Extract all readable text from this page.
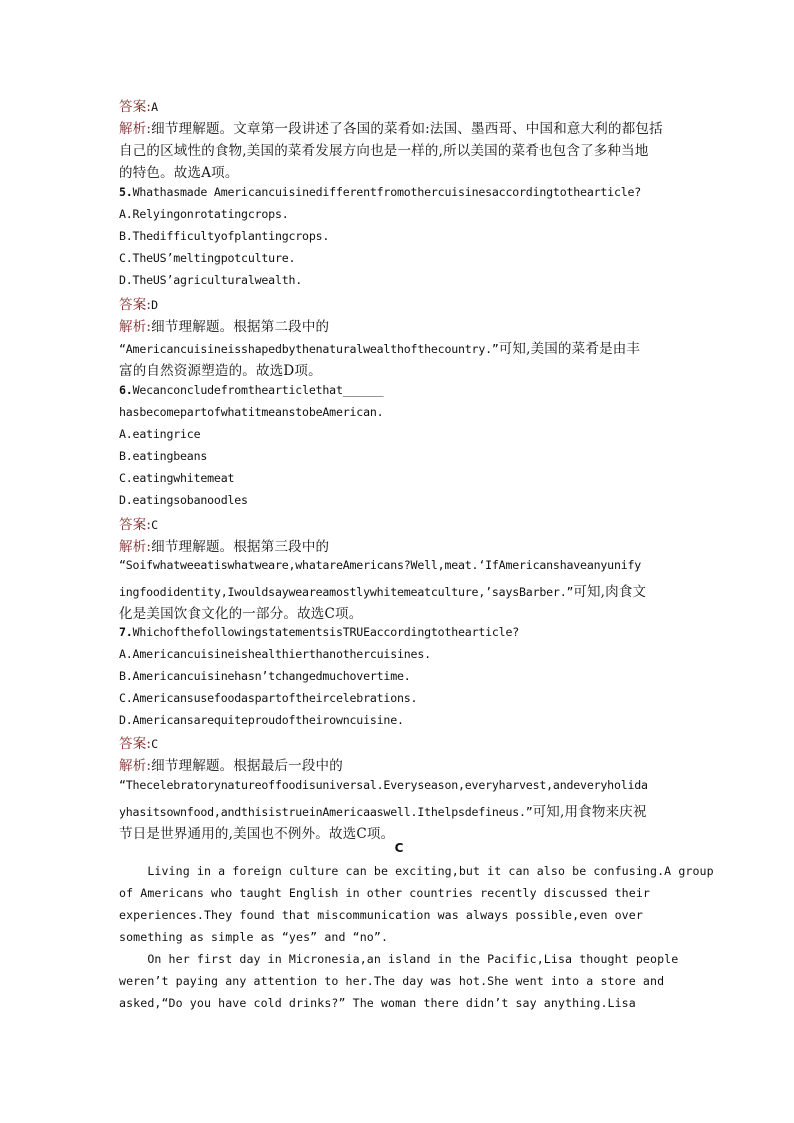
答案:A
解析:细节理解题。文章第一段讲述了各国的菜肴如:法国、墨西哥、中国和意大利的都包括
自己的区域性的食物,美国的菜肴发展方向也是一样的,所以美国的菜肴也包含了多种当地
的特色。故选A项。
5.Whathasmade Americancuisinedifferentfromothercuisinesaccordingtothearticle?
A.Relyingonrotatingcrops.
B.Thedifficultyofplantingcrops.
C.TheUS’meltingpotculture.
D.TheUS’agriculturalwealth.
答案:D
解析:细节理解题。根据第二段中的
“Americancuisineisshapedbythenaturalwealthofthecountry.”可知,美国的菜肴是由丰
富的自然资源塑造的。故选D项。
6.Wecanconcludefromthearticlethat______
hasbecomepartofwhatitmeanstobeAmerican.
A.eatingrice
B.eatingbeans
C.eatingwhitemeat
D.eatingsobanoodles
答案:C
解析:细节理解题。根据第三段中的
“Soifwhatweeatiswhatweare,whatareAmericans?Well,meat.‘IfAmericanshaveanyunify
ingfoodidentity,Iwouldsayweareamostlywhitemeatculture,’saysBarber.”可知,肉食文
化是美国饮食文化的一部分。故选C项。
7.WhichofthefollowingstatementsisTRUEaccordingtothearticle?
A.Americancuisineishealthierthanothercuisines.
B.Americancuisinehasn’tchangedmuchovertime.
C.Americansusefoodaspartoftheircelebrations.
D.Americansarequiteproudoftheirowncuisine.
答案:C
解析:细节理解题。根据最后一段中的
“Thecelebratorynatureoffoodisuniversal.Everyseason,everyharvest,andeveryholida
yhasitsownfood,andthisistrueinAmericaaswell.Ithelpsdefineus.”可知,用食物来庆祝
节日是世界通用的,美国也不例外。故选C项。
C
Living in a foreign culture can be exciting,but it can also be confusing.A group
of Americans who taught English in other countries recently discussed their
experiences.They found that miscommunication was always possible,even over
something as simple as “yes” and “no”.
On her first day in Micronesia,an island in the Pacific,Lisa thought people
weren’t paying any attention to her.The day was hot.She went into a store and
asked,“Do you have cold drinks?” The woman there didn’t say anything.Lisa
